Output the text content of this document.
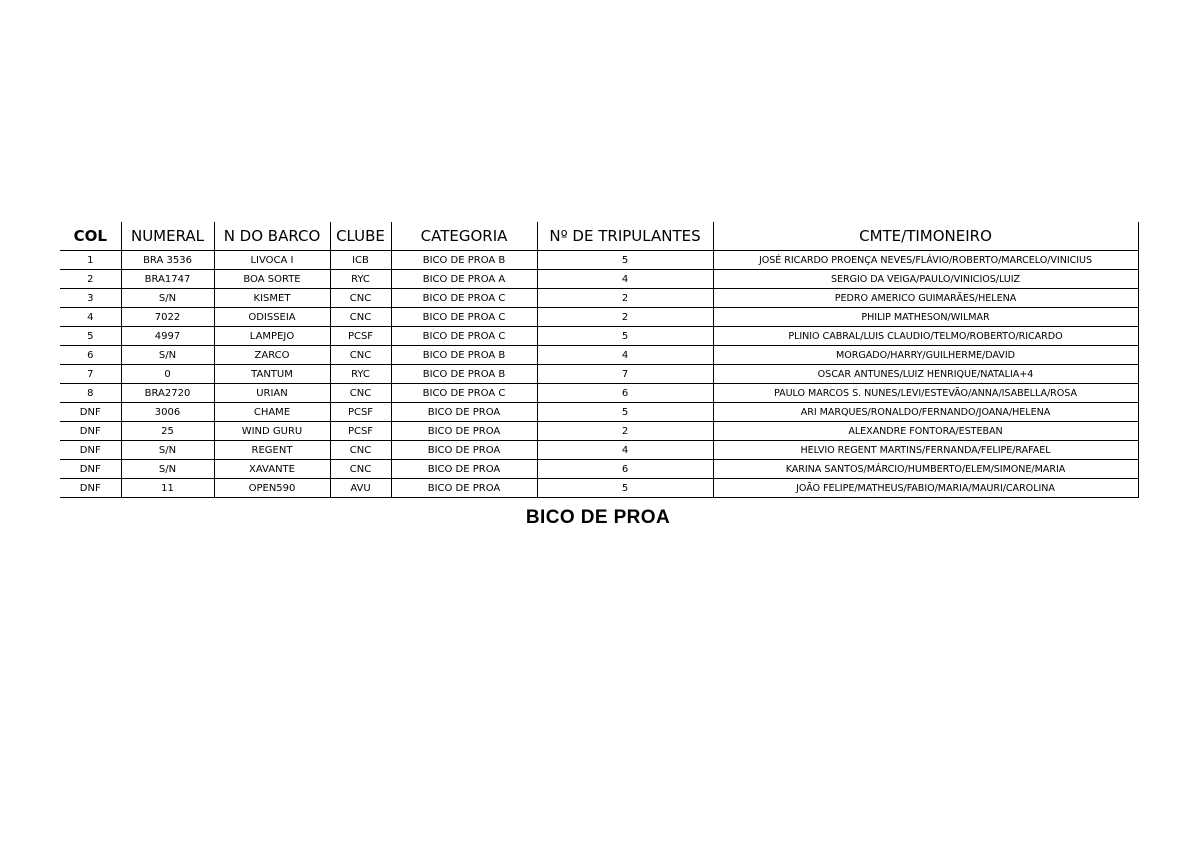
COL	NUMERAL	N DO BARCO	CLUBE	CATEGORIA	Nº DE TRIPULANTES	CMTE/TIMONEIRO
1	BRA 3536	LIVOCA I	ICB	BICO DE PROA B	5	JOSÉ RICARDO PROENÇA NEVES/FLÁVIO/ROBERTO/MARCELO/VINICIUS
2	BRA1747	BOA SORTE	RYC	BICO DE PROA A	4	SERGIO DA VEIGA/PAULO/VINICIOS/LUIZ
3	S/N	KISMET	CNC	BICO DE PROA C	2	PEDRO AMERICO GUIMARÃES/HELENA
4	7022	ODISSEIA	CNC	BICO DE PROA C	2	PHILIP MATHESON/WILMAR
5	4997	LAMPEJO	PCSF	BICO DE PROA C	5	PLINIO CABRAL/LUIS CLAUDIO/TELMO/ROBERTO/RICARDO
6	S/N	ZARCO	CNC	BICO DE PROA B	4	MORGADO/HARRY/GUILHERME/DAVID
7	0	TANTUM	RYC	BICO DE PROA B	7	OSCAR ANTUNES/LUIZ HENRIQUE/NATALIA+4
8	BRA2720	URIAN	CNC	BICO DE PROA C	6	PAULO MARCOS S. NUNES/LEVI/ESTEVÃO/ANNA/ISABELLA/ROSA
DNF	3006	CHAME	PCSF	BICO DE PROA	5	ARI MARQUES/RONALDO/FERNANDO/JOANA/HELENA
DNF	25	WIND GURU	PCSF	BICO DE PROA	2	ALEXANDRE FONTORA/ESTEBAN
DNF	S/N	REGENT	CNC	BICO DE PROA	4	HELVIO REGENT MARTINS/FERNANDA/FELIPE/RAFAEL
DNF	S/N	XAVANTE	CNC	BICO DE PROA	6	KARINA SANTOS/MÁRCIO/HUMBERTO/ELEM/SIMONE/MARIA
DNF	11	OPEN590	AVU	BICO DE PROA	5	JOÃO FELIPE/MATHEUS/FABIO/MARIA/MAURI/CAROLINA
BICO DE PROA
